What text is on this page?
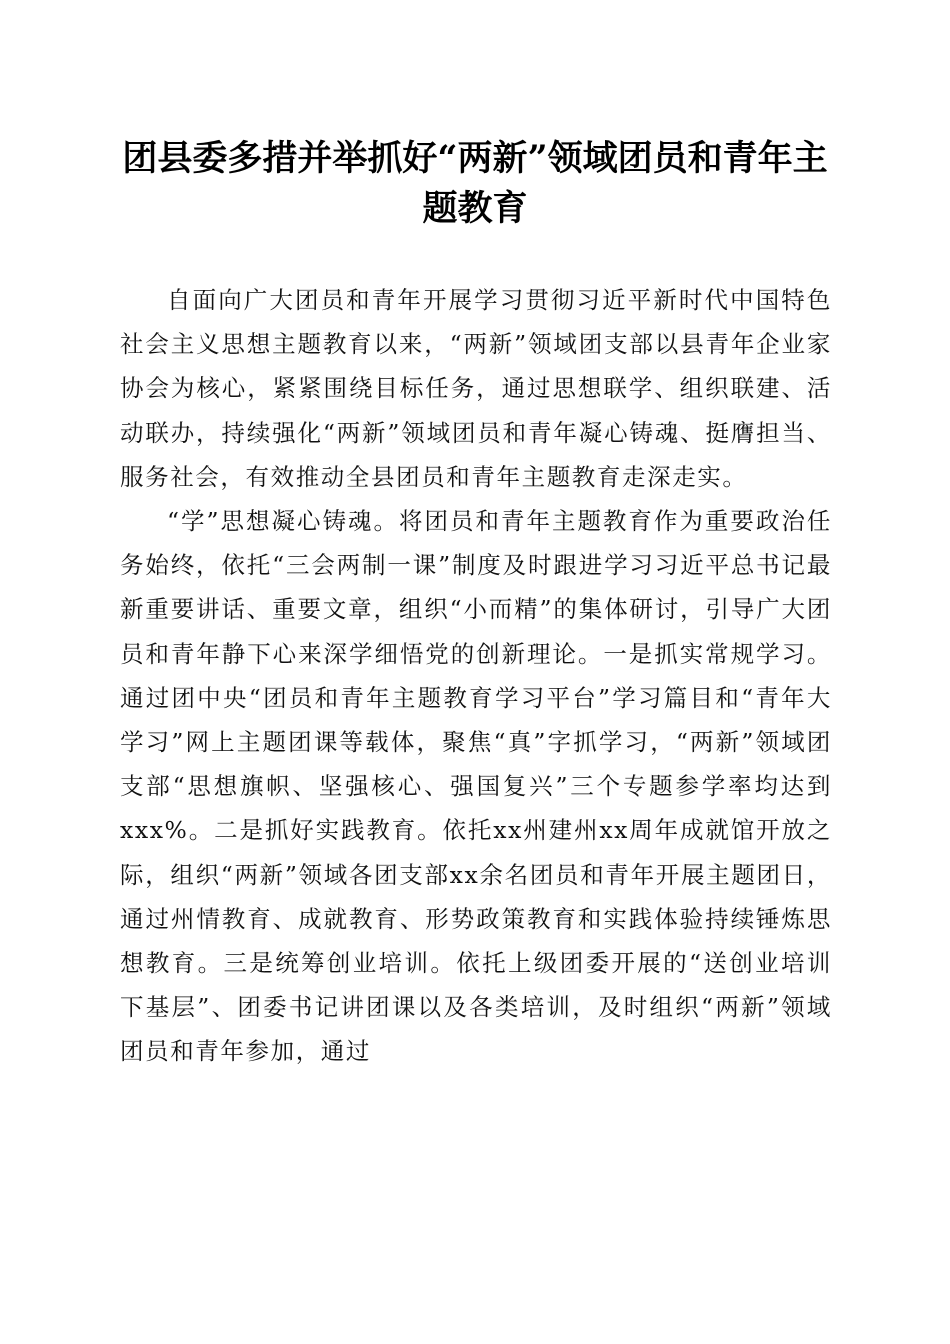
团县委多措并举抓好“两新”领域团员和青年主题教育

自面向广大团员和青年开展学习贯彻习近平新时代中国特色社会主义思想主题教育以来，“两新”领域团支部以县青年企业家协会为核心，紧紧围绕目标任务，通过思想联学、组织联建、活动联办，持续强化“两新”领域团员和青年凝心铸魂、挺膺担当、服务社会，有效推动全县团员和青年主题教育走深走实。

“学”思想凝心铸魂。将团员和青年主题教育作为重要政治任务始终，依托“三会两制一课”制度及时跟进学习习近平总书记最新重要讲话、重要文章，组织“小而精”的集体研讨，引导广大团员和青年静下心来深学细悟党的创新理论。一是抓实常规学习。通过团中央“团员和青年主题教育学习平台”学习篇目和“青年大学习”网上主题团课等载体，聚焦“真”字抓学习，“两新”领域团支部“思想旗帜、坚强核心、强国复兴”三个专题参学率均达到xxx%。二是抓好实践教育。依托xx州建州xx周年成就馆开放之际，组织“两新”领域各团支部xx余名团员和青年开展主题团日，通过州情教育、成就教育、形势政策教育和实践体验持续锤炼思想教育。三是统筹创业培训。依托上级团委开展的“送创业培训下基层”、团委书记讲团课以及各类培训，及时组织“两新”领域团员和青年参加，通过
